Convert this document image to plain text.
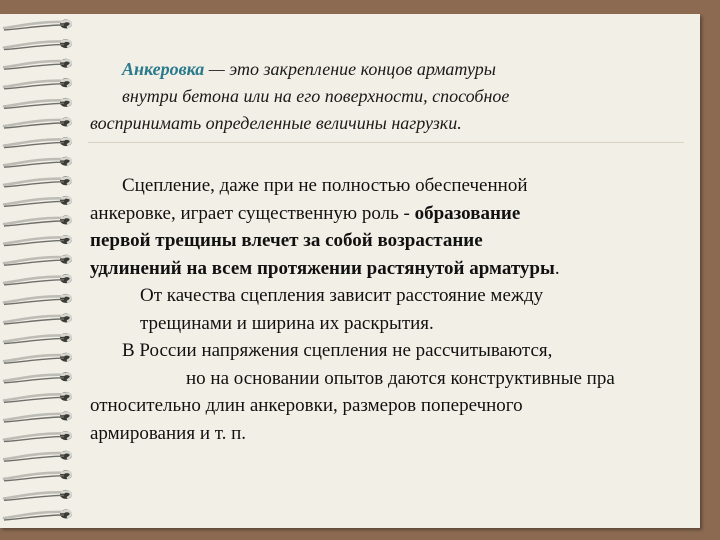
Анкеровка — это закрепление концов арматуры
внутри бетона или на его поверхности, способное
воспринимать определенные величины нагрузки.
Сцепление, даже при не полностью обеспеченной
анкеровке, играет существенную роль - образование
первой трещины влечет за собой возрастание
удлинений на всем протяжении растянутой арматуры.
От качества сцепления зависит расстояние между
трещинами и ширина их раскрытия.
В России напряжения сцепления не рассчитываются,
но на основании опытов даются конструктивные пра
относительно длин анкеровки, размеров поперечного
армирования и т. п.
